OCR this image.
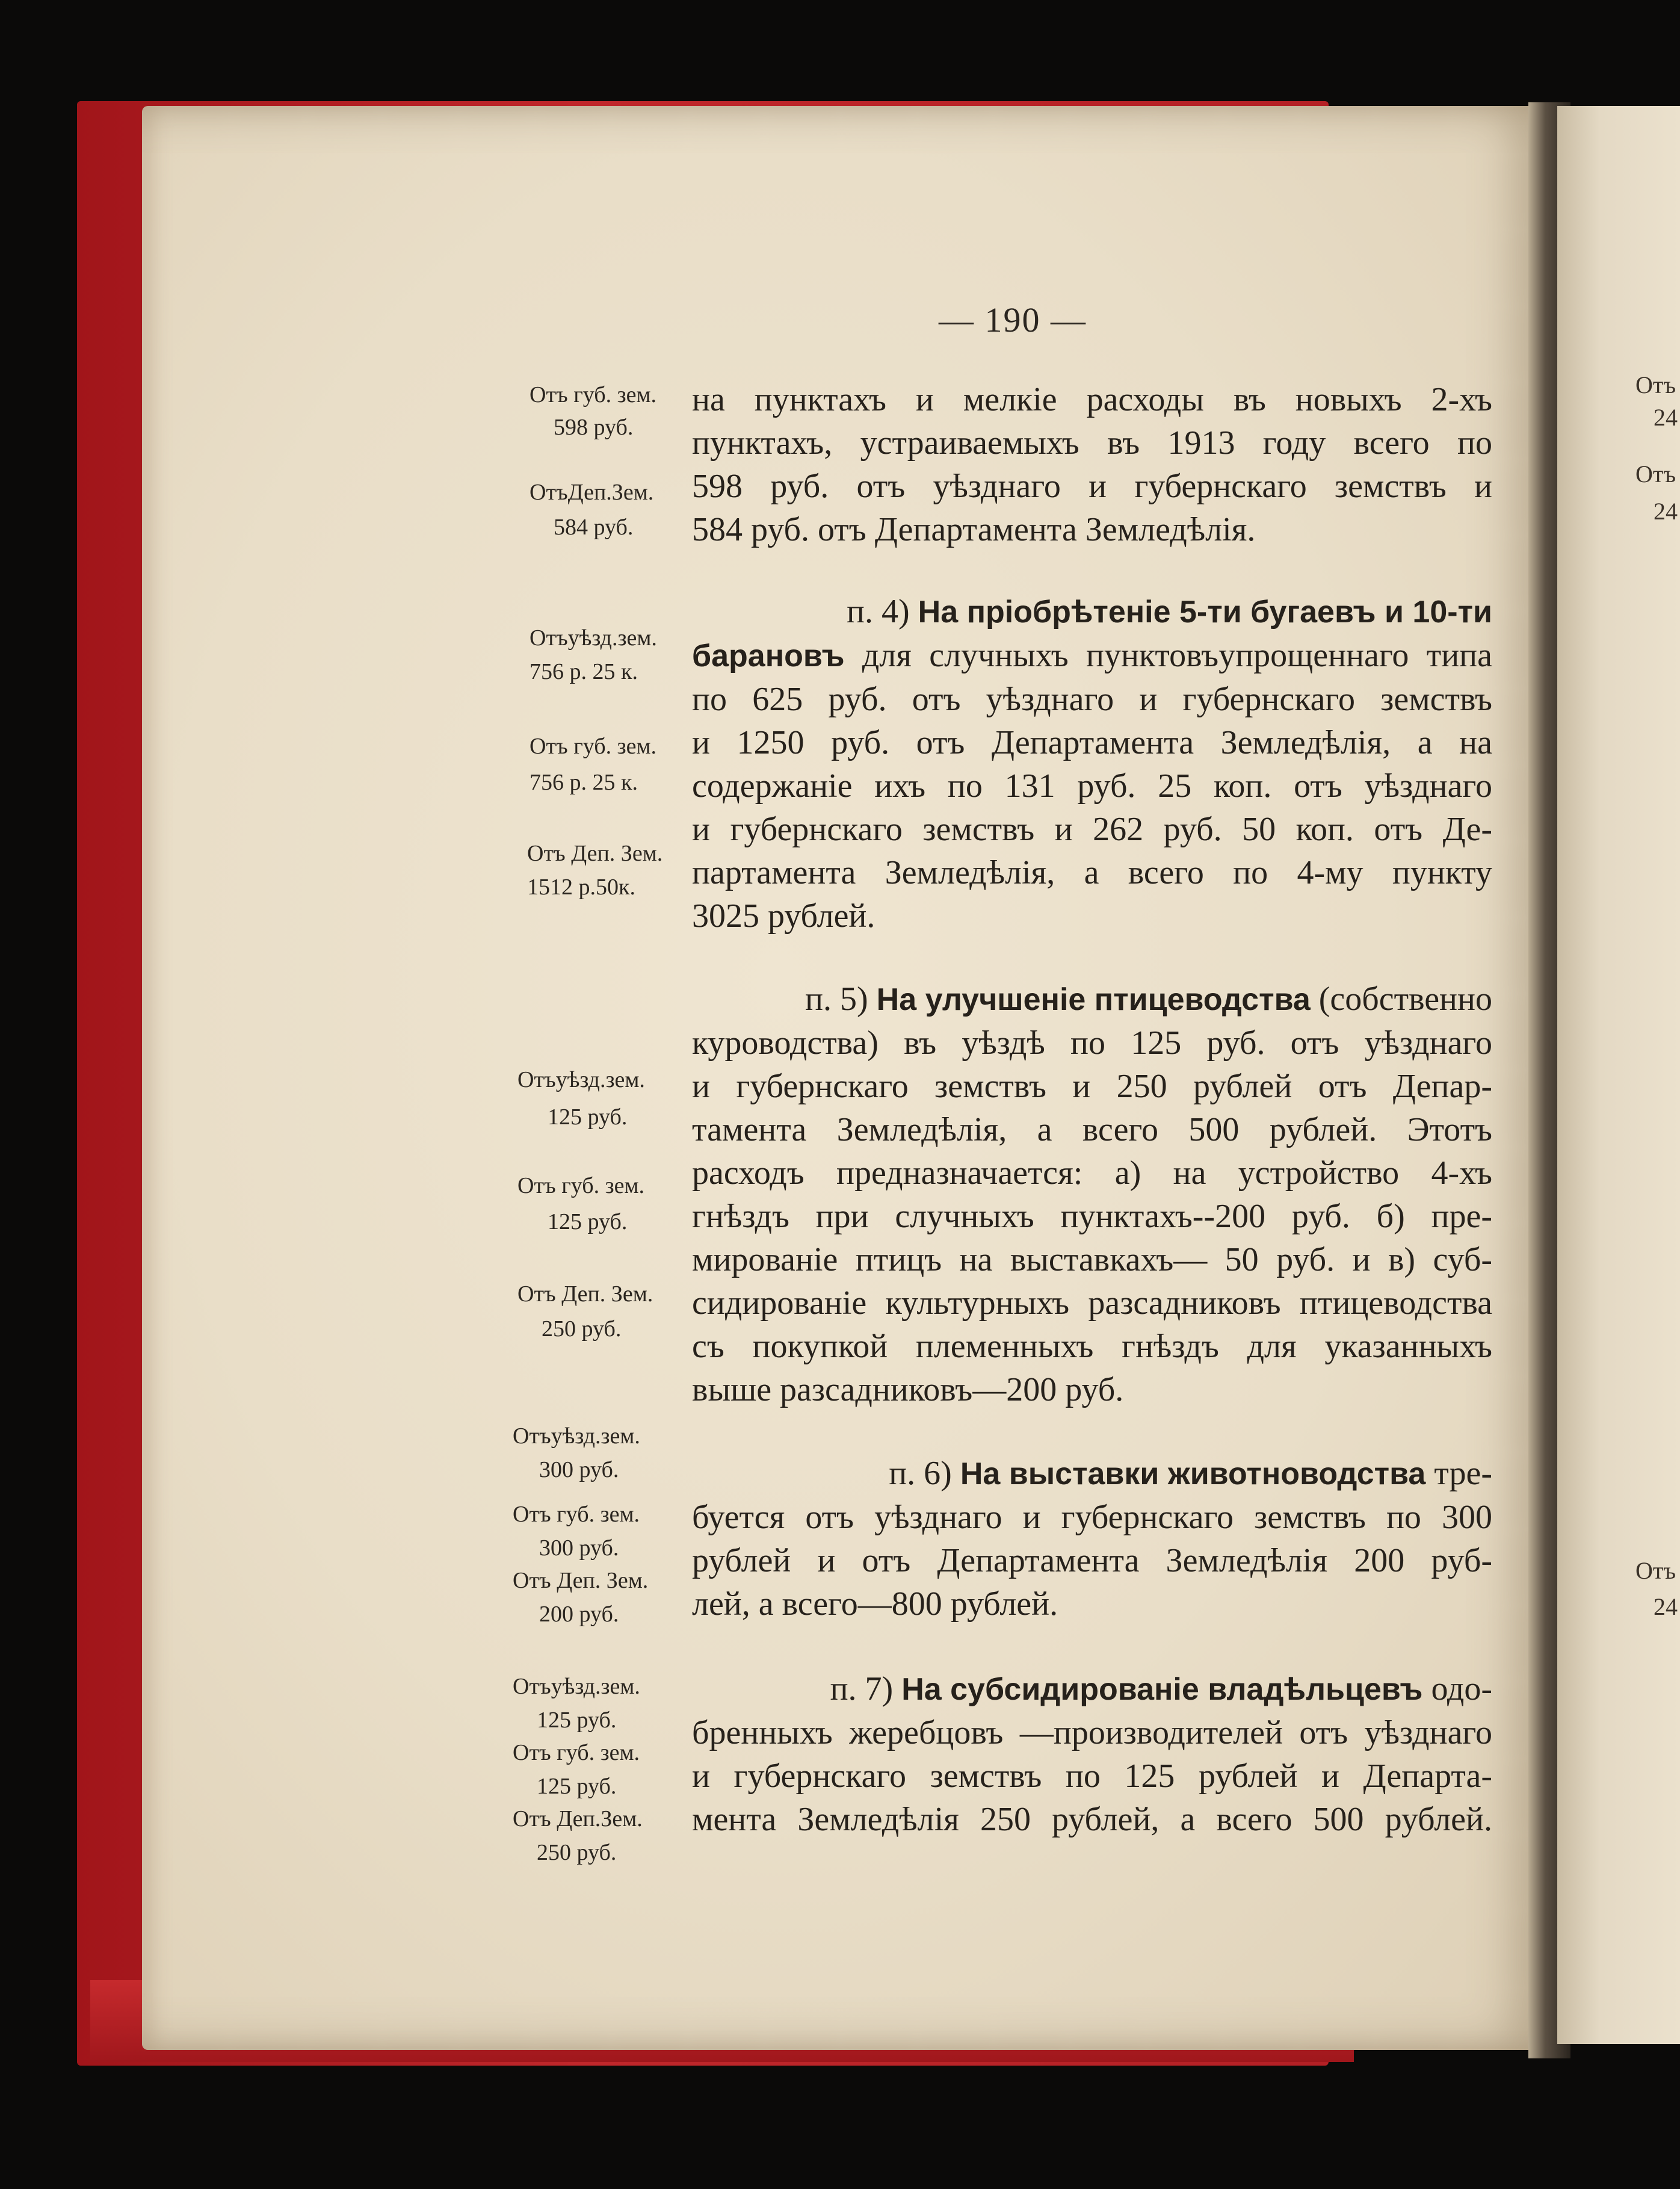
Отъ
24
Отъ
24
Отъ
24
— 190 —
Отъ губ. зем.
598 руб.
ОтъДеп.Зем.
584 руб.
Отъуѣзд.зем.
756 р. 25 к.
Отъ губ. зем.
756 р. 25 к.
Отъ Деп. Зем.
1512 р.50к.
Отъуѣзд.зем.
125 руб.
Отъ губ. зем.
125 руб.
Отъ Деп. Зем.
250 руб.
Отъуѣзд.зем.
300 руб.
Отъ губ. зем.
300 руб.
Отъ Деп. Зем.
200 руб.
Отъуѣзд.зем.
125 руб.
Отъ губ. зем.
125 руб.
Отъ Деп.Зем.
250 руб.
на пунктахъ и мелкіе расходы въ новыхъ 2-хъ
пунктахъ, устраиваемыхъ въ 1913 году всего по
598 руб. отъ уѣзднаго и губернскаго земствъ и
584 руб. отъ Департамента Земледѣлія.
п. 4) На пріобрѣтеніе 5-ти бугаевъ и 10-ти
барановъ для случныхъ пунктовъупрощеннаго типа
по 625 руб. отъ уѣзднаго и губернскаго земствъ
и 1250 руб. отъ Департамента Земледѣлія, а на
содержаніе ихъ по 131 руб. 25 коп. отъ уѣзднаго
и губернскаго земствъ и 262 руб. 50 коп. отъ Де-
партамента Земледѣлія, а всего по 4-му пункту
3025 рублей.
п. 5) На улучшеніе птицеводства (собственно
куроводства) въ уѣздѣ по 125 руб. отъ уѣзднаго
и губернскаго земствъ и 250 рублей отъ Депар-
тамента Земледѣлія, а всего 500 рублей. Этотъ
расходъ предназначается: а) на устройство 4-хъ
гнѣздъ при случныхъ пунктахъ--200 руб. б) пре-
мированіе птицъ на выставкахъ— 50 руб. и в) суб-
сидированіе культурныхъ разсадниковъ птицеводства
съ покупкой племенныхъ гнѣздъ для указанныхъ
выше разсадниковъ—200 руб.
п. 6) На выставки животноводства тре-
буется отъ уѣзднаго и губернскаго земствъ по 300
рублей и отъ Департамента Земледѣлія 200 руб-
лей, а всего—800 рублей.
п. 7) На субсидированіе владѣльцевъ одо-
бренныхъ жеребцовъ —производителей отъ уѣзднаго
и губернскаго земствъ по 125 рублей и Департа-
мента Земледѣлія 250 рублей, а всего 500 рублей.
